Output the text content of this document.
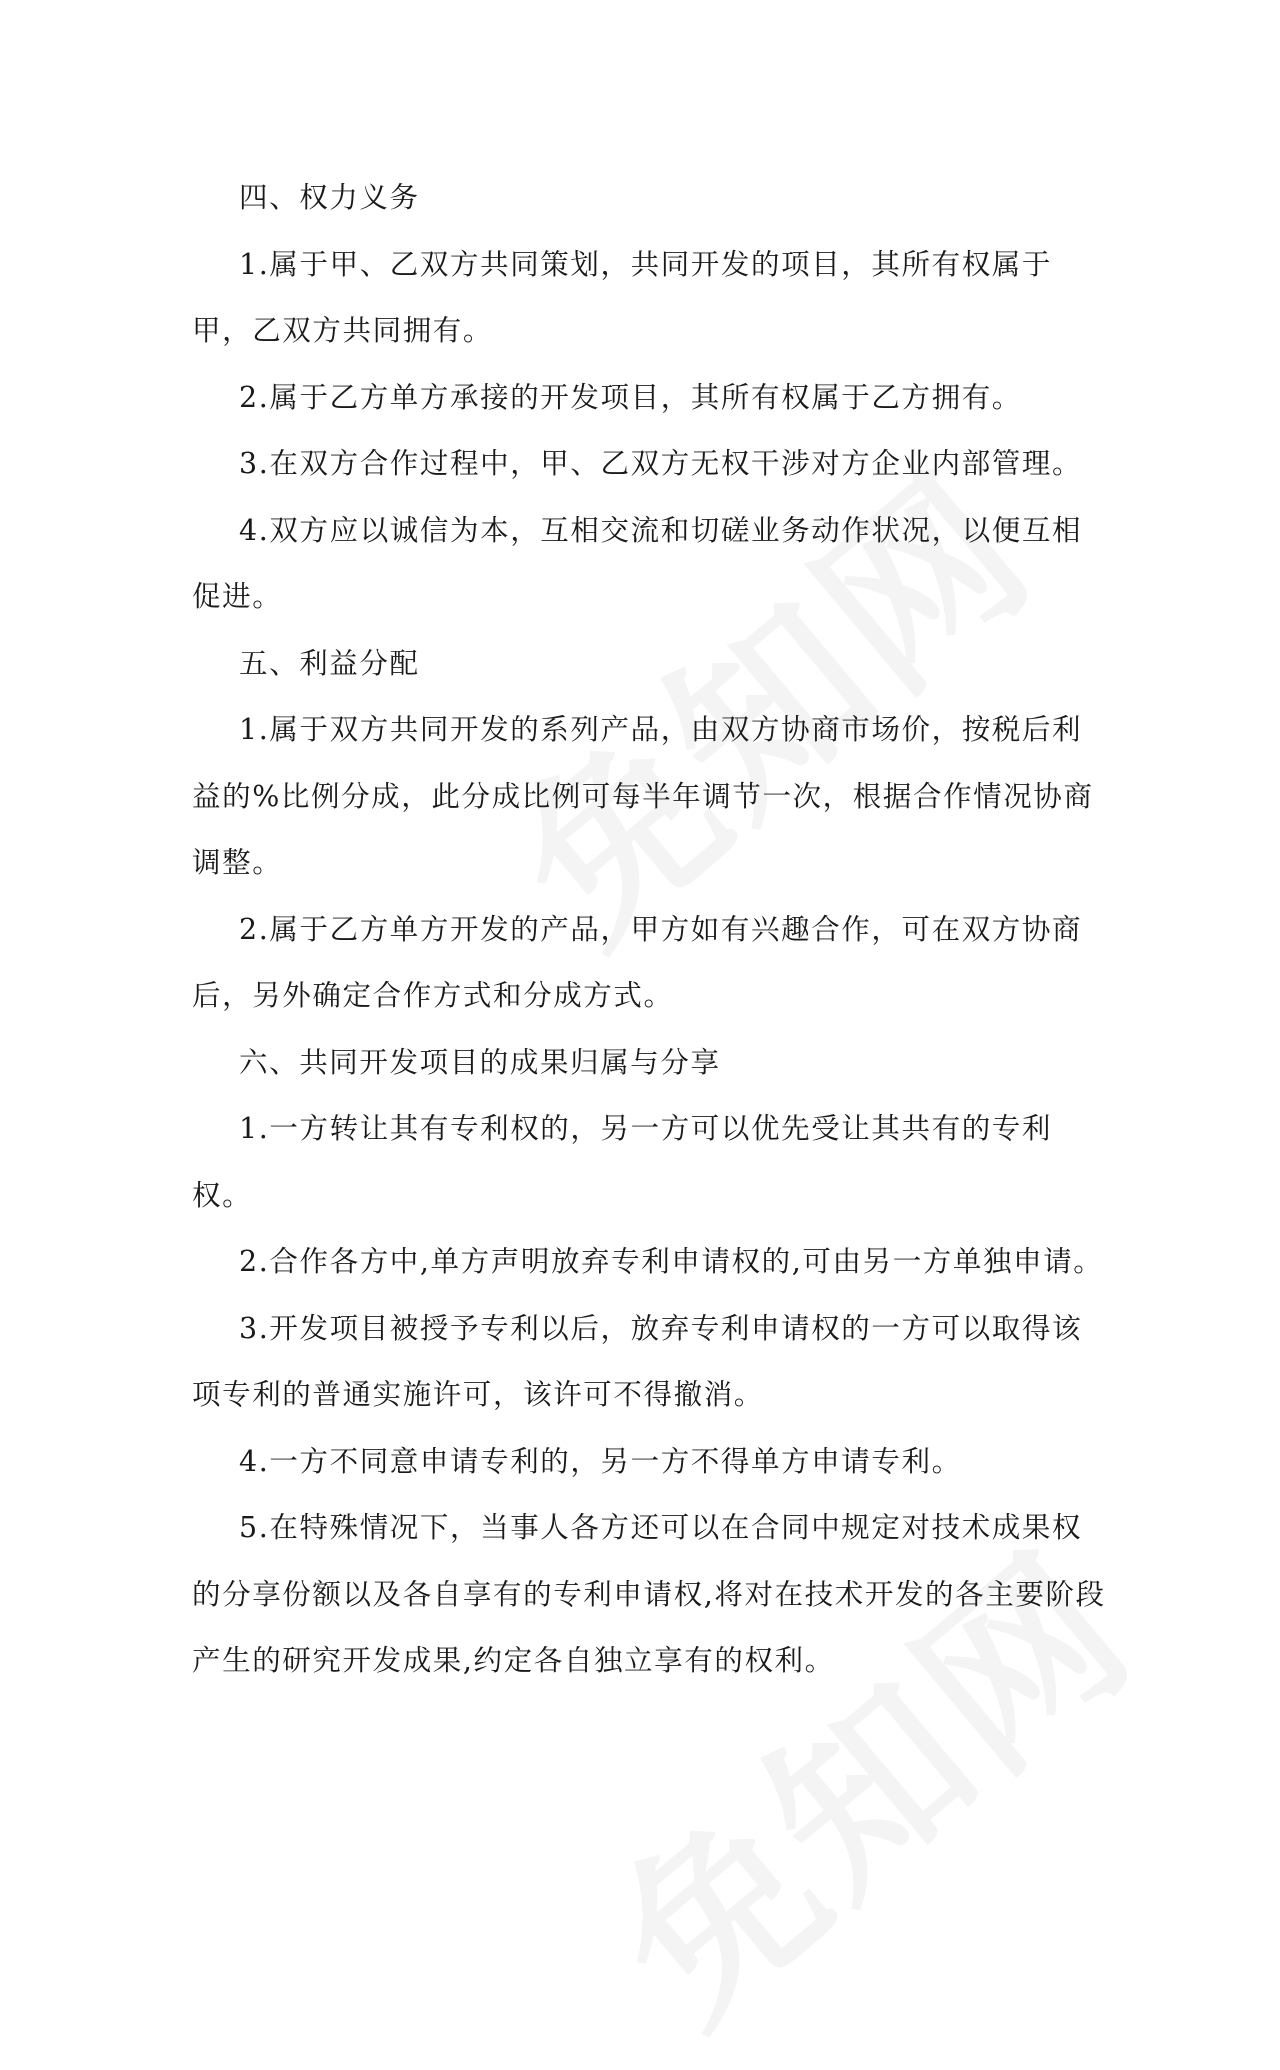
四、权力义务

1.属于甲、乙双方共同策划，共同开发的项目，其所有权属于甲，乙双方共同拥有。

2.属于乙方单方承接的开发项目，其所有权属于乙方拥有。

3.在双方合作过程中，甲、乙双方无权干涉对方企业内部管理。

4.双方应以诚信为本，互相交流和切磋业务动作状况，以便互相促进。

五、利益分配

1.属于双方共同开发的系列产品，由双方协商市场价，按税后利益的%比例分成，此分成比例可每半年调节一次，根据合作情况协商调整。

2.属于乙方单方开发的产品，甲方如有兴趣合作，可在双方协商后，另外确定合作方式和分成方式。

六、共同开发项目的成果归属与分享

1.一方转让其有专利权的，另一方可以优先受让其共有的专利权。

2.合作各方中,单方声明放弃专利申请权的,可由另一方单独申请。

3.开发项目被授予专利以后，放弃专利申请权的一方可以取得该项专利的普通实施许可，该许可不得撤消。

4.一方不同意申请专利的，另一方不得单方申请专利。

5.在特殊情况下，当事人各方还可以在合同中规定对技术成果权的分享份额以及各自享有的专利申请权,将对在技术开发的各主要阶段产生的研究开发成果,约定各自独立享有的权利。
